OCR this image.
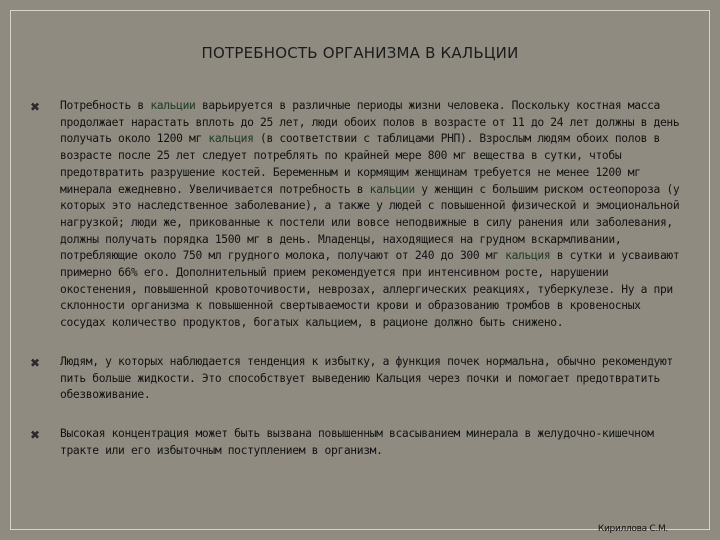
ПОТРЕБНОСТЬ ОРГАНИЗМА В КАЛЬЦИИ
✖	Потребность в кальции варьируется в различные периоды жизни человека. Поскольку костная масса продолжает нарастать вплоть до 25 лет, люди обоих полов в возрасте от 11 до 24 лет должны в день получать около 1200 мг кальция (в соответствии с таблицами РНП). Взрослым людям обоих полов в возрасте после 25 лет следует потреблять по крайней мере 800 мг вещества в сутки, чтобы предотвратить разрушение костей. Беременным и кормящим женщинам требуется не менее 1200 мг минерала ежедневно. Увеличивается потребность в кальции у женщин с большим риском остеопороза (у которых это наследственное заболевание), а также у людей с повышенной физической и эмоциональной нагрузкой; люди же, прикованные к постели или вовсе неподвижные в силу ранения или заболевания, должны получать порядка 1500 мг в день. Младенцы, находящиеся на грудном вскармливании, потребляющие около 750 мл грудного молока, получают от 240 до 300 мг кальция в сутки и усваивают примерно 66% его. Дополнительный прием рекомендуется при интенсивном росте, нарушении окостенения, повышенной кровоточивости, неврозах, аллергических реакциях, туберкулезе. Ну а при склонности организма к повышенной свертываемости крови и образованию тромбов в кровеносных сосудах количество продуктов, богатых кальцием, в рационе должно быть снижено.
✖	Людям, у которых наблюдается тенденция к избытку, а функция почек нормальна, обычно рекомендуют пить больше жидкости. Это способствует выведению Кальция через почки и помогает предотвратить обезвоживание.
✖	Высокая концентрация может быть вызвана повышенным всасыванием минерала в желудочно-кишечном тракте или его избыточным поступлением в организм.
Кириллова С.М.
